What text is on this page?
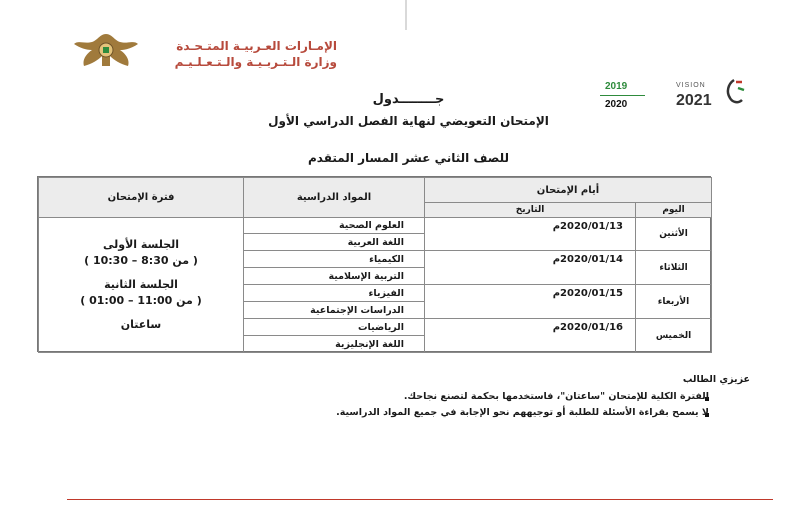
الإمـارات العـربيـة المتـحـدة
وزارة الـتـربـيـة والـتـعـلـيـم
2019
2020
VISION
2021
جــــــــدول
الإمتحان التعويضي لنهاية الفصل الدراسي الأول
للصف الثاني عشر المسار المتقدم
فترة الإمتحان	المواد الدراسية
أيام الإمتحان
التاريخ	اليوم
الجلسة الأولى
( من 8:30 – 10:30 )
الجلسة الثانية
( من 11:00 – 01:00 )
ساعتان
الأثنين
2020/01/13م
العلوم الصحية
اللغة العربية
الثلاثاء
2020/01/14م
الكيمياء
التربية الإسلامية
الأربعاء
2020/01/15م
الفيزياء
الدراسات الإجتماعية
الخميس
2020/01/16م
الرياضيات
اللغة الإنجليزية
عزيزي الطالب
الفترة الكلية للإمتحان "ساعتان"، فاستخدمها بحكمة لتصنع نجاحك.
لا يسمح بقراءة الأسئلة للطلبة أو توجيههم نحو الإجابة في جميع المواد الدراسية.
